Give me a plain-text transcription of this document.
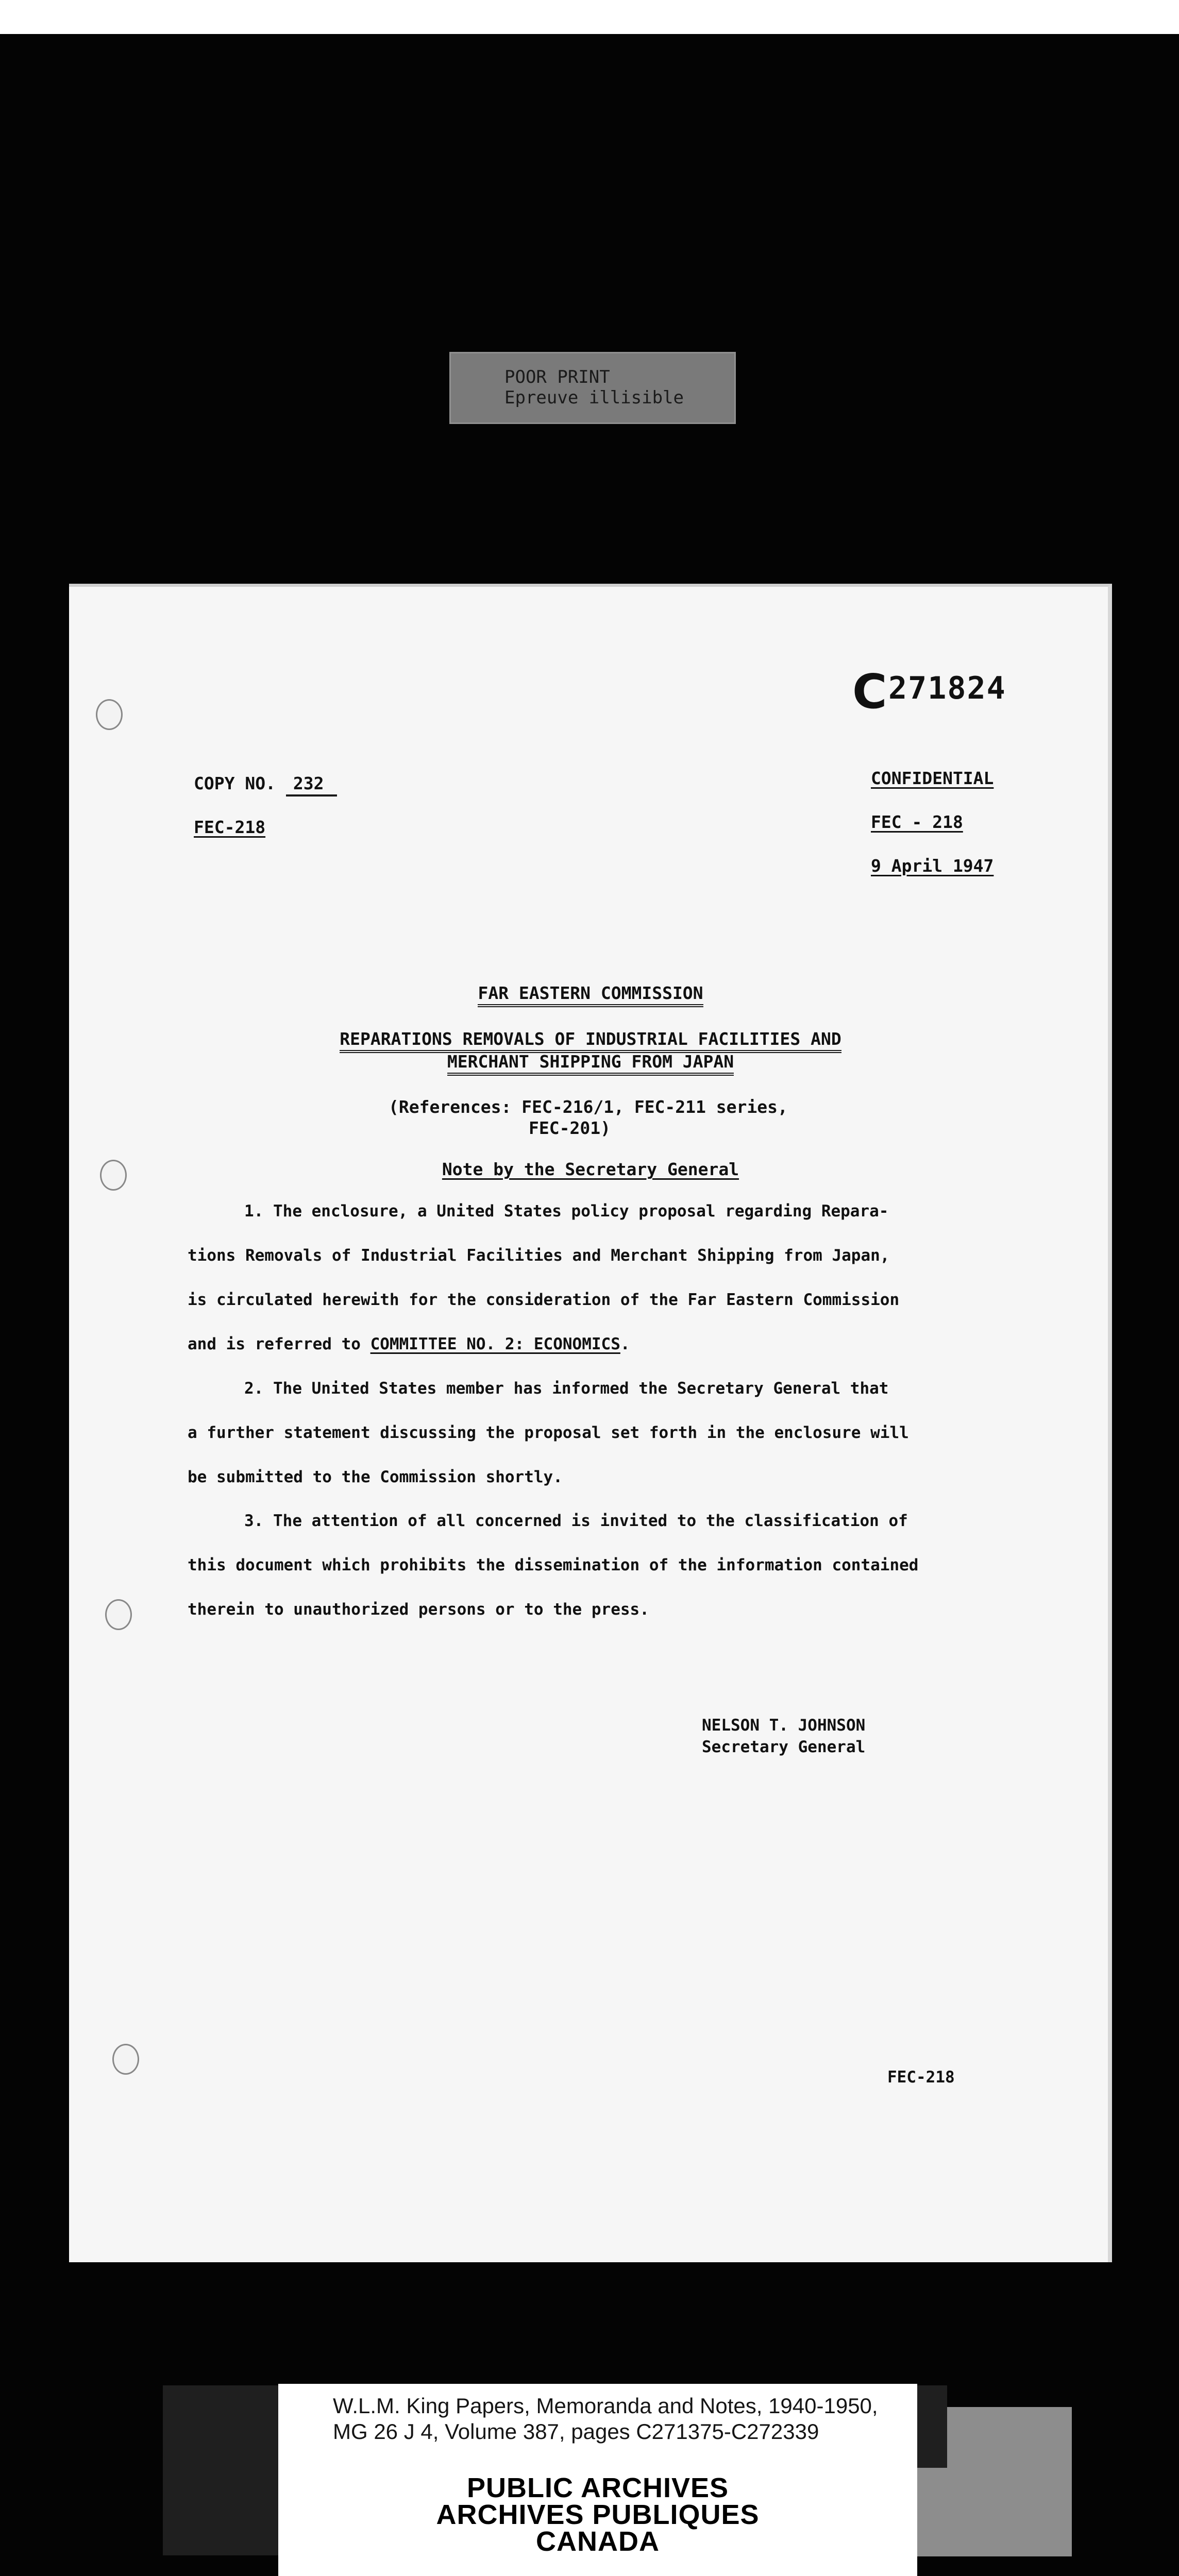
POOR PRINT
Epreuve illisible
C 271824
COPY NO. 232
FEC-218
CONFIDENTIAL
FEC - 218
9 April 1947
FAR EASTERN COMMISSION
REPARATIONS REMOVALS OF INDUSTRIAL FACILITIES AND
MERCHANT SHIPPING FROM JAPAN
(References: FEC-216/1, FEC-211 series,
FEC-201)
Note by the Secretary General
1. The enclosure, a United States policy proposal regarding Repara-
tions Removals of Industrial Facilities and Merchant Shipping from Japan,
is circulated herewith for the consideration of the Far Eastern Commission
and is referred to COMMITTEE NO. 2: ECONOMICS.
2. The United States member has informed the Secretary General that
a further statement discussing the proposal set forth in the enclosure will
be submitted to the Commission shortly.
3. The attention of all concerned is invited to the classification of
this document which prohibits the dissemination of the information contained
therein to unauthorized persons or to the press.
NELSON T. JOHNSON
Secretary General
FEC-218
W.L.M. King Papers, Memoranda and Notes, 1940-1950,
MG 26 J 4, Volume 387, pages C271375-C272339
PUBLIC ARCHIVES
ARCHIVES PUBLIQUES
CANADA
